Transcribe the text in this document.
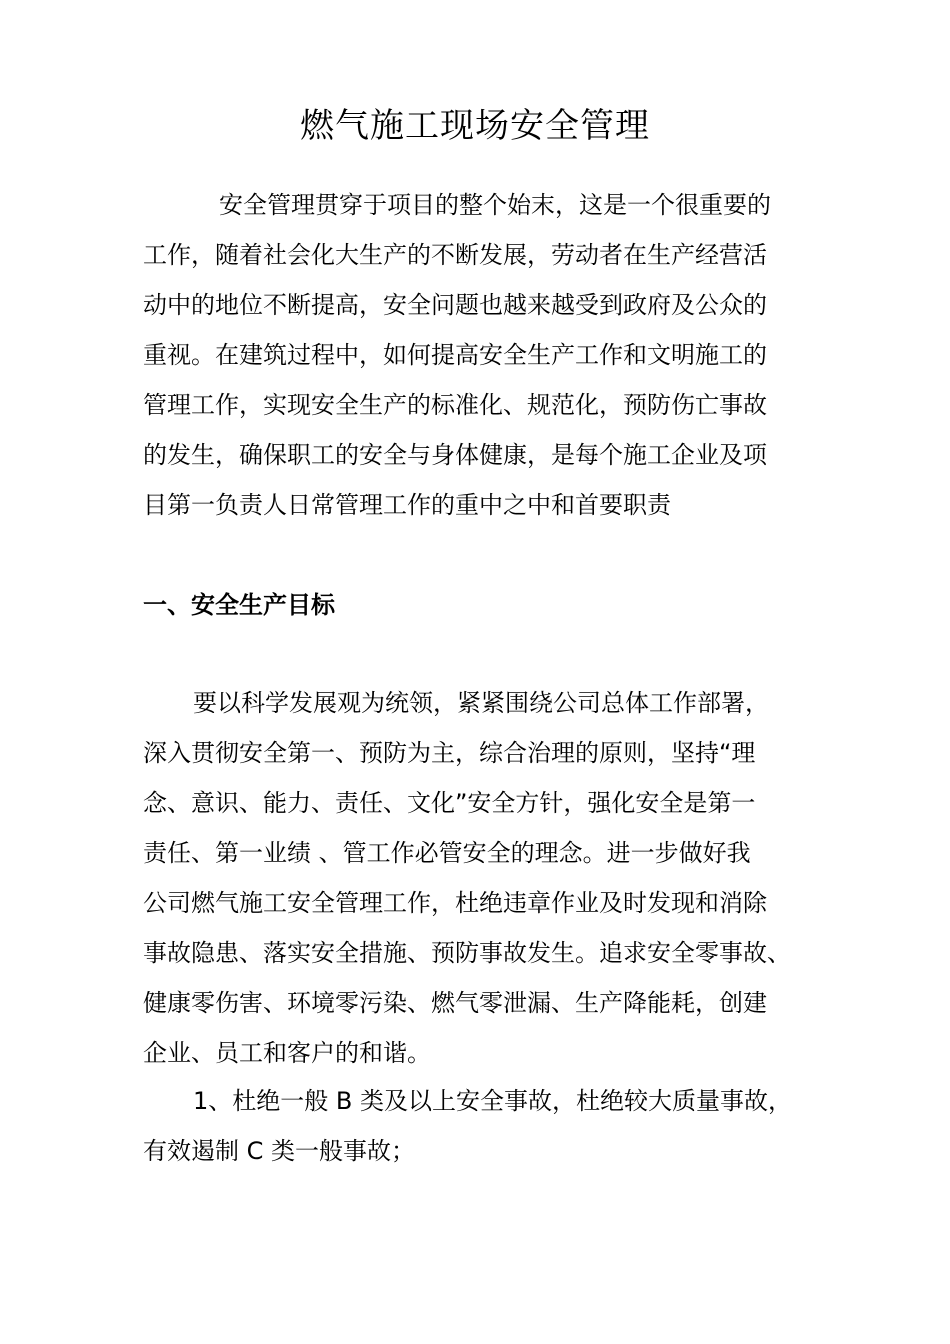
燃气施工现场安全管理
安全管理贯穿于项目的整个始末，这是一个很重要的
工作，随着社会化大生产的不断发展，劳动者在生产经营活
动中的地位不断提高，安全问题也越来越受到政府及公众的
重视。在建筑过程中，如何提高安全生产工作和文明施工的
管理工作，实现安全生产的标准化、规范化，预防伤亡事故
的发生，确保职工的安全与身体健康，是每个施工企业及项
目第一负责人日常管理工作的重中之中和首要职责
一、安全生产目标
要以科学发展观为统领，紧紧围绕公司总体工作部署，
深入贯彻安全第一、预防为主，综合治理的原则，坚持“理
念、意识、能力、责任、文化”安全方针，强化安全是第一
责任、第一业绩 、管工作必管安全的理念。进一步做好我
公司燃气施工安全管理工作，杜绝违章作业及时发现和消除
事故隐患、落实安全措施、预防事故发生。追求安全零事故、
健康零伤害、环境零污染、燃气零泄漏、生产降能耗，创建
企业、员工和客户的和谐。
1、杜绝一般 B 类及以上安全事故，杜绝较大质量事故，
有效遏制 C 类一般事故；
